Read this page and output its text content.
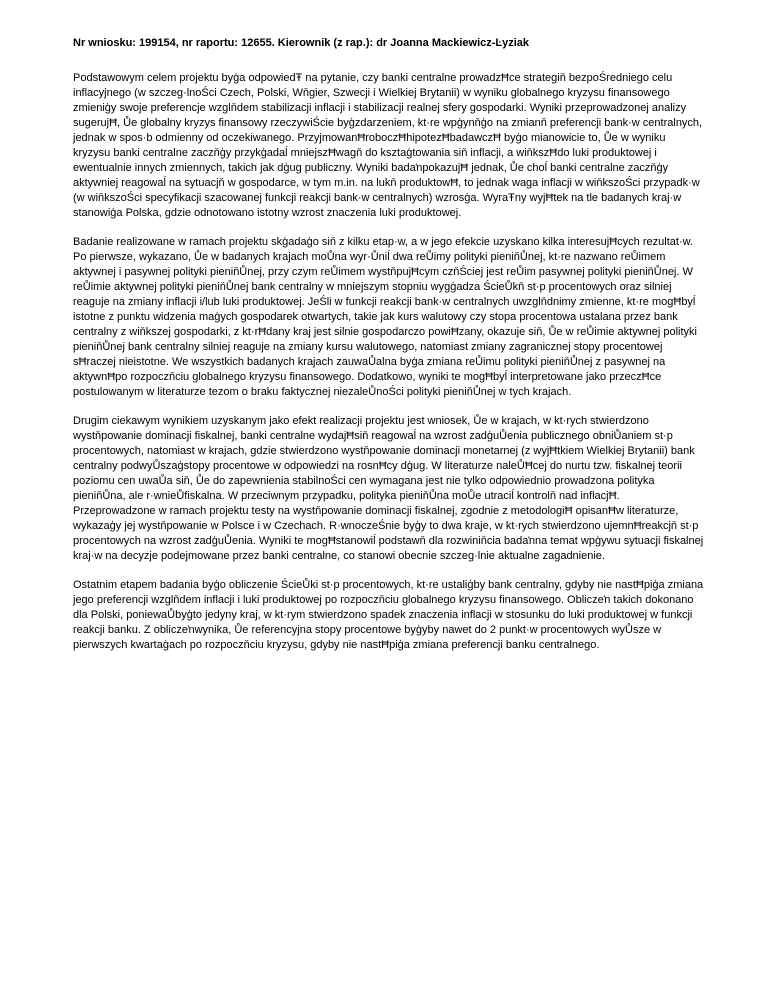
Nr wniosku: 199154, nr raportu: 12655. Kierownik (z rap.): dr Joanna Mackiewicz-Ŀyziak

Podstawowym celem projektu byģa odpowiedŦ na pytanie, czy banki centralne prowadzĦce strategiň bezpoŚredniego celu inflacyjnego (w szczeg·lnoŚci Czech, Polski, Wňgier, Szwecji i Wielkiej Brytanii) w wyniku globalnego kryzysu finansowego zmieniģy swoje preferencje wzglňdem stabilizacji inflacji i stabilizacji realnej sfery gospodarki. Wyniki przeprowadzonej analizy sugerujĦ, Ůe globalny kryzys finansowy rzeczywiŚcie byģzdarzeniem, kt·re wpģynňģo na zmianň preferencji bank·w centralnych, jednak w spos·b odmienny od oczekiwanego. PrzyjmowanĦroboczĦhipotezĦbadawczĦ byģo mianowicie to, Ůe w wyniku kryzysu banki centralne zaczňģy przykģadaĺ mniejszĦwagň do ksztaģtowania siň inflacji, a wiňkszĦdo luki produktowej i ewentualnie innych zmiennych, takich jak dģug publiczny. Wyniki badaŉpokazujĦ jednak, Ůe choĺ banki centralne zaczňģy aktywniej reagowaĺ na sytuacjň w gospodarce, w tym m.in. na lukň produktowĦ, to jednak waga inflacji w wiňkszoŚci przypadk·w (w wiňkszoŚci specyfikacji szacowanej funkcji reakcji bank·w centralnych) wzrosģa. WyraŦny wyjĦtek na tle badanych kraj·w stanowiģa Polska, gdzie odnotowano istotny wzrost znaczenia luki produktowej.

Badanie realizowane w ramach projektu skģadaģo siň z kilku etap·w, a w jego efekcie uzyskano kilka interesujĦcych rezultat·w. Po pierwsze, wykazano, Ůe w badanych krajach moŮna wyr·Ůniĺ dwa reŮimy polityki pieniňŮnej, kt·re nazwano reŮimem aktywnej i pasywnej polityki pieniňŮnej, przy czym reŮimem wystňpujĦcym czňŚciej jest reŮim pasywnej polityki pieniňŮnej. W reŮimie aktywnej polityki pieniňŮnej bank centralny w mniejszym stopniu wygģadza ŚcieŮkň st·p procentowych oraz silniej reaguje na zmiany inflacji i/lub luki produktowej. JeŚli w funkcji reakcji bank·w centralnych uwzglňdnimy zmienne, kt·re mogĦbyĺ istotne z punktu widzenia maģych gospodarek otwartych, takie jak kurs walutowy czy stopa procentowa ustalana przez bank centralny z wiňkszej gospodarki, z kt·rĦdany kraj jest silnie gospodarczo powiĦzany, okazuje siň, Ůe w reŮimie aktywnej polityki pieniňŮnej bank centralny silniej reaguje na zmiany kursu walutowego, natomiast zmiany zagranicznej stopy procentowej sĦraczej nieistotne. We wszystkich badanych krajach zauwaŮalna byģa zmiana reŮimu polityki pieniňŮnej z pasywnej na aktywnĦpo rozpoczňciu globalnego kryzysu finansowego. Dodatkowo, wyniki te mogĦbyĺ interpretowane jako przeczĦce postulowanym w literaturze tezom o braku faktycznej niezaleŮnoŚci polityki pieniňŮnej w tych krajach.

Drugim ciekawym wynikiem uzyskanym jako efekt realizacji projektu jest wniosek, Ůe w krajach, w kt·rych stwierdzono wystňpowanie dominacji fiskalnej, banki centralne wydajĦsiň reagowaĺ na wzrost zadģuŮenia publicznego obniŮaniem st·p procentowych, natomiast w krajach, gdzie stwierdzono wystňpowanie dominacji monetarnej (z wyjĦtkiem Wielkiej Brytanii) bank centralny podwyŮszaģstopy procentowe w odpowiedzi na rosnĦcy dģug. W literaturze naleŮĦcej do nurtu tzw. fiskalnej teorii poziomu cen uwaŮa siň, Ůe do zapewnienia stabilnoŚci cen wymagana jest nie tylko odpowiednio prowadzona polityka pieniňŮna, ale r·wnieŮfiskalna. W przeciwnym przypadku, polityka pieniňŮna moŮe utraciĺ kontrolň nad inflacjĦ. Przeprowadzone w ramach projektu testy na wystňpowanie dominacji fiskalnej, zgodnie z metodologiĦ opisanĦw literaturze, wykazaģy jej wystňpowanie w Polsce i w Czechach. R·wnoczeŚnie byģy to dwa kraje, w kt·rych stwierdzono ujemnĦreakcjň st·p procentowych na wzrost zadģuŮenia. Wyniki te mogĦstanowiĺ podstawň dla rozwiniňcia badaŉna temat wpģywu sytuacji fiskalnej kraj·w na decyzje podejmowane przez banki centralne, co stanowi obecnie szczeg·lnie aktualne zagadnienie.

Ostatnim etapem badania byģo obliczenie ŚcieŮki st·p procentowych, kt·re ustaliģby bank centralny, gdyby nie nastĦpiģa zmiana jego preferencji wzglňdem inflacji i luki produktowej po rozpoczňciu globalnego kryzysu finansowego. Obliczeŉ takich dokonano dla Polski, poniewaŮbyģto jedyny kraj, w kt·rym stwierdzono spadek znaczenia inflacji w stosunku do luki produktowej w funkcji reakcji banku. Z obliczeŉwynika, Ůe referencyjna stopy procentowe byģyby nawet do 2 punkt·w procentowych wyŮsze w pierwszych kwartaģach po rozpoczňciu kryzysu, gdyby nie nastĦpiģa zmiana preferencji banku centralnego.
